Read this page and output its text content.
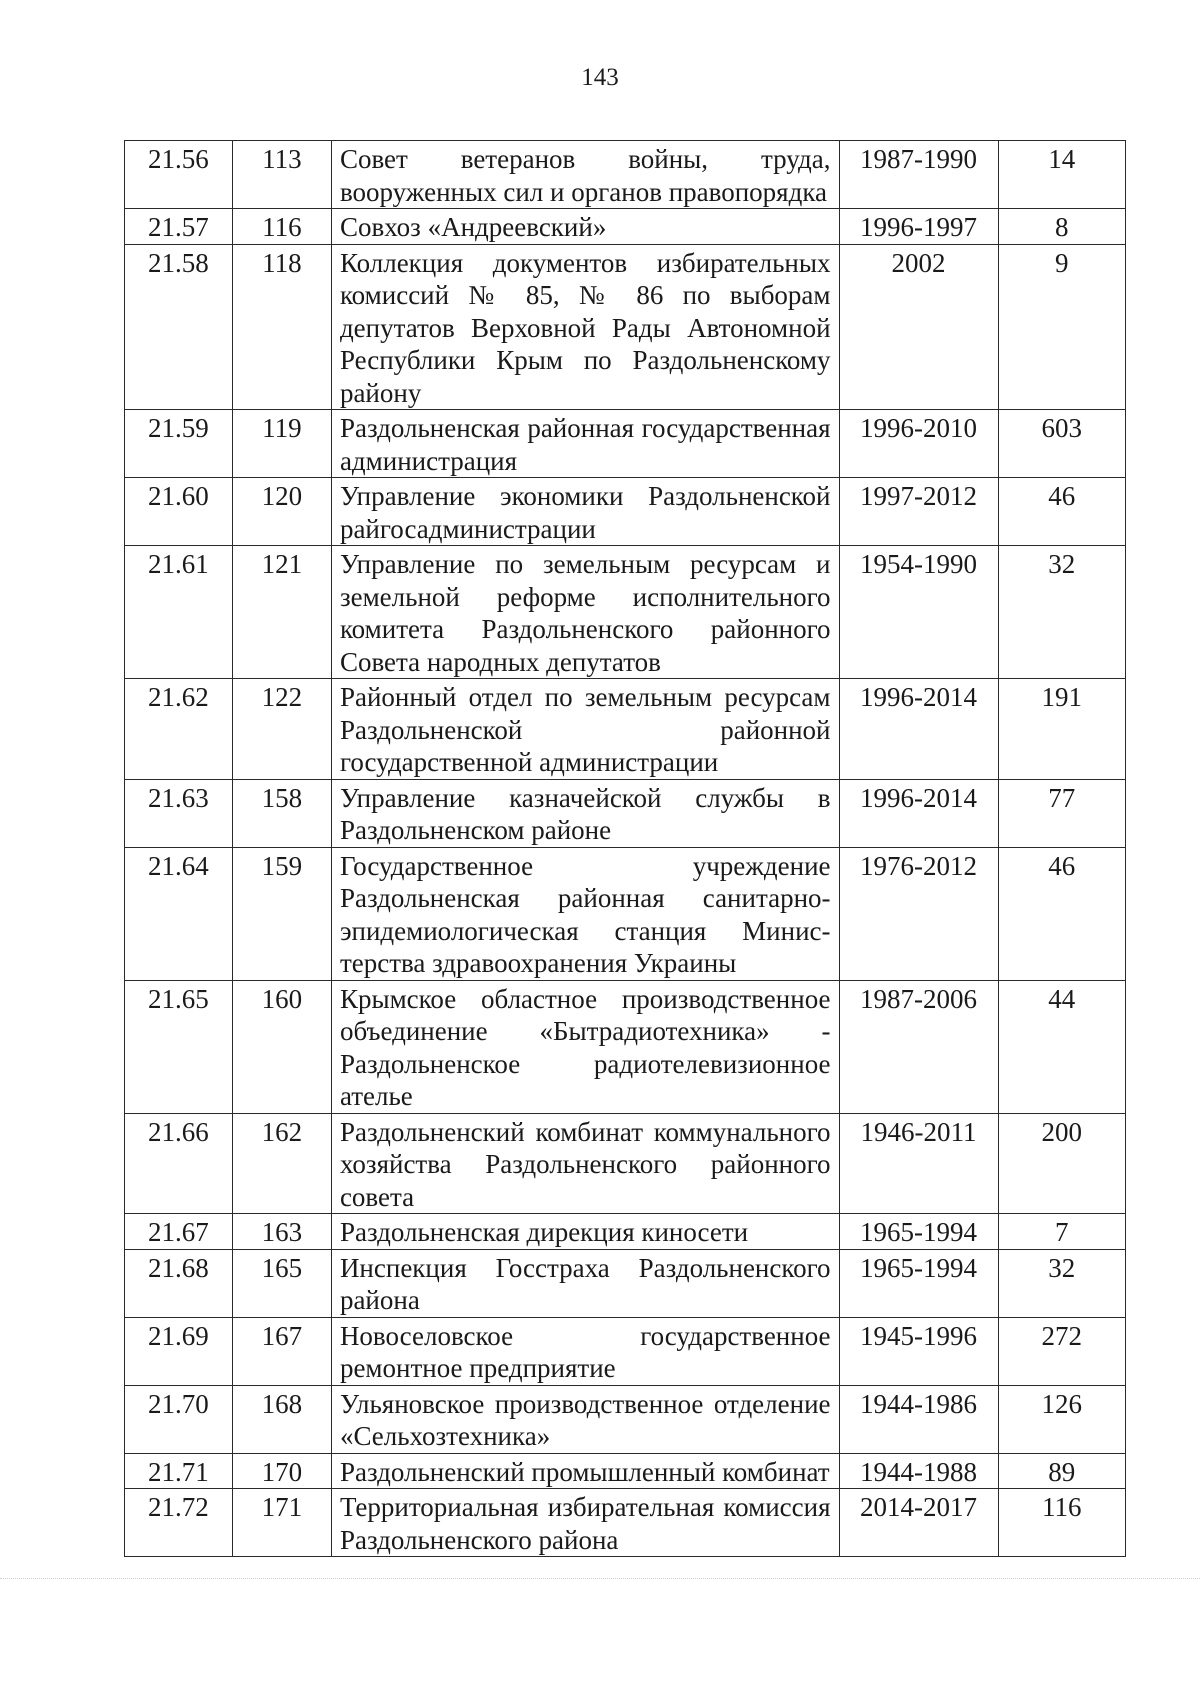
143
21.56	113	Совет ветеранов войны, труда, вооруженных сил и органов правопорядка	1987-1990	14
21.57	116	Совхоз «Андреевский»	1996-1997	8
21.58	118	Коллекция документов избирательных комиссий № 85, № 86 по выборам депутатов Верховной Рады Автономной Республики Крым по Раздольненскому району	2002	9
21.59	119	Раздольненская районная государственная администрация	1996-2010	603
21.60	120	Управление экономики Раздольненской райгосадминистрации	1997-2012	46
21.61	121	Управление по земельным ресурсам и земельной реформе исполнительного комитета Раздольненского районного Совета народных депутатов	1954-1990	32
21.62	122	Районный отдел по земельным ресурсам Раздольненской районной государственной администрации	1996-2014	191
21.63	158	Управление казначейской службы в Раздольненском районе	1996-2014	77
21.64	159	Государственное учреждение Раздольненская районная санитарно-эпидемиологическая станция Минис-терства здравоохранения Украины	1976-2012	46
21.65	160	Крымское областное производственное объединение «Бытрадиотехника» - Раздольненское радиотелевизионное ателье	1987-2006	44
21.66	162	Раздольненский комбинат коммунального хозяйства Раздольненского районного совета	1946-2011	200
21.67	163	Раздольненская дирекция киносети	1965-1994	7
21.68	165	Инспекция Госстраха Раздольненского района	1965-1994	32
21.69	167	Новоселовское государственное ремонтное предприятие	1945-1996	272
21.70	168	Ульяновское производственное отделение «Сельхозтехника»	1944-1986	126
21.71	170	Раздольненский промышленный комбинат	1944-1988	89
21.72	171	Территориальная избирательная комиссия Раздольненского района	2014-2017	116
